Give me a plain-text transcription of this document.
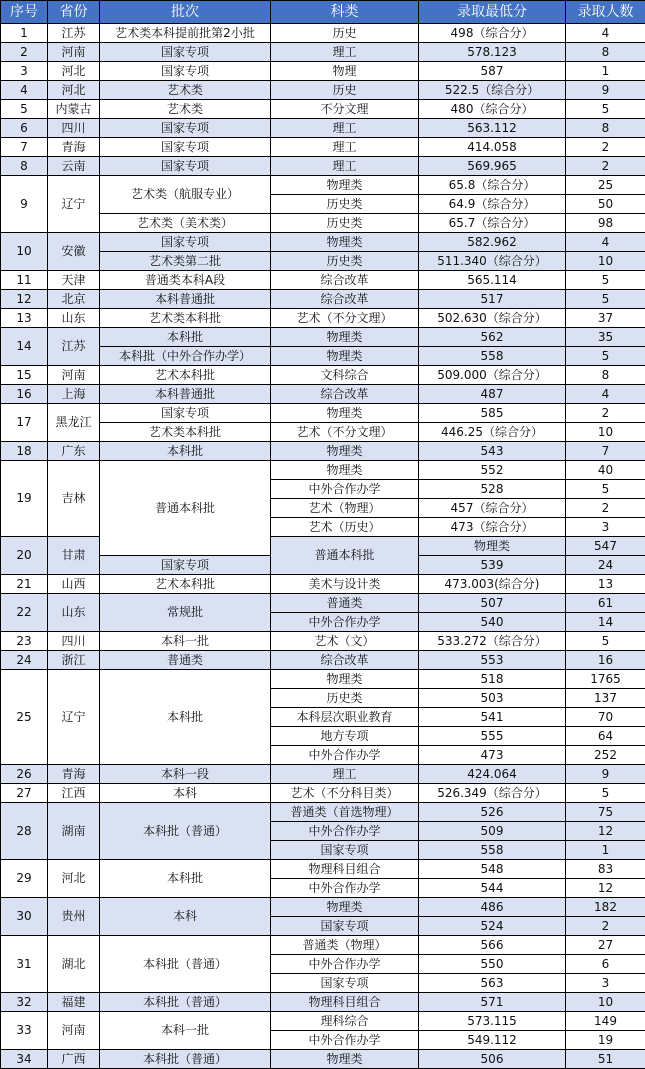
序号	省份	批次	科类	录取最低分	录取人数	
1	江苏	艺术类本科提前批第2小批	历史	498（综合分）	4	
2	河南	国家专项	理工	578.123	8	
3	河北	国家专项	物理	587	1	
4	河北	艺术类	历史	522.5（综合分）	9	
5	内蒙古	艺术类	不分文理	480（综合分）	5	
6	四川	国家专项	理工	563.112	8	
7	青海	国家专项	理工	414.058	2	
8	云南	国家专项	理工	569.965	2	
9	辽宁	艺术类（航服专业）	物理类	65.8（综合分）	25	
			历史类	64.9（综合分）	50	
		艺术类（美术类）	历史类	65.7（综合分）	98	
10	安徽	国家专项	物理类	582.962	4	
		艺术类第二批	历史类	511.340（综合分）	10	
11	天津	普通类本科A段	综合改革	565.114	5	
12	北京	本科普通批	综合改革	517	5	
13	山东	艺术类本科批	艺术（不分文理）	502.630（综合分）	37	
14	江苏	本科批	物理类	562	35	
		本科批（中外合作办学）	物理类	558	5	
15	河南	艺术本科批	文科综合	509.000（综合分）	8	
16	上海	本科普通批	综合改革	487	4	
17	黑龙江	国家专项	物理类	585	2	
		艺术类本科批	艺术（不分文理）	446.25（综合分）	10	
18	广东	本科批	物理类	543	7	
19	吉林	普通本科批	物理类	552	40	
			中外合作办学	528	5	
			艺术（物理）	457（综合分）	2	
			艺术（历史）	473（综合分）	3	
20	甘肃		普通本科批	物理类	547	
		国家专项		539	24	
21	山西	艺术本科批	美术与设计类	473.003(综合分)	13	
22	山东	常规批	普通类	507	61	
			中外合作办学	540	14	
23	四川	本科一批	艺术（文）	533.272（综合分）	5	
24	浙江	普通类	综合改革	553	16	
25	辽宁	本科批	物理类	518	1765	
			历史类	503	137	
			本科层次职业教育	541	70	
			地方专项	555	64	
			中外合作办学	473	252	
26	青海	本科一段	理工	424.064	9	
27	江西	本科	艺术（不分科目类）	526.349（综合分）	5	
28	湖南	本科批（普通）	普通类（首选物理）	526	75	
			中外合作办学	509	12	
			国家专项	558	1	
29	河北	本科批	物理科目组合	548	83	
			中外合作办学	544	12	
30	贵州	本科	物理类	486	182	
			国家专项	524	2	
31	湖北	本科批（普通）	普通类（物理）	566	27	
			中外合作办学	550	6	
			国家专项	563	3	
32	福建	本科批（普通）	物理科目组合	571	10	
33	河南	本科一批	理科综合	573.115	149	
			中外合作办学	549.112	19	
34	广西	本科批（普通）	物理类	506	51	
